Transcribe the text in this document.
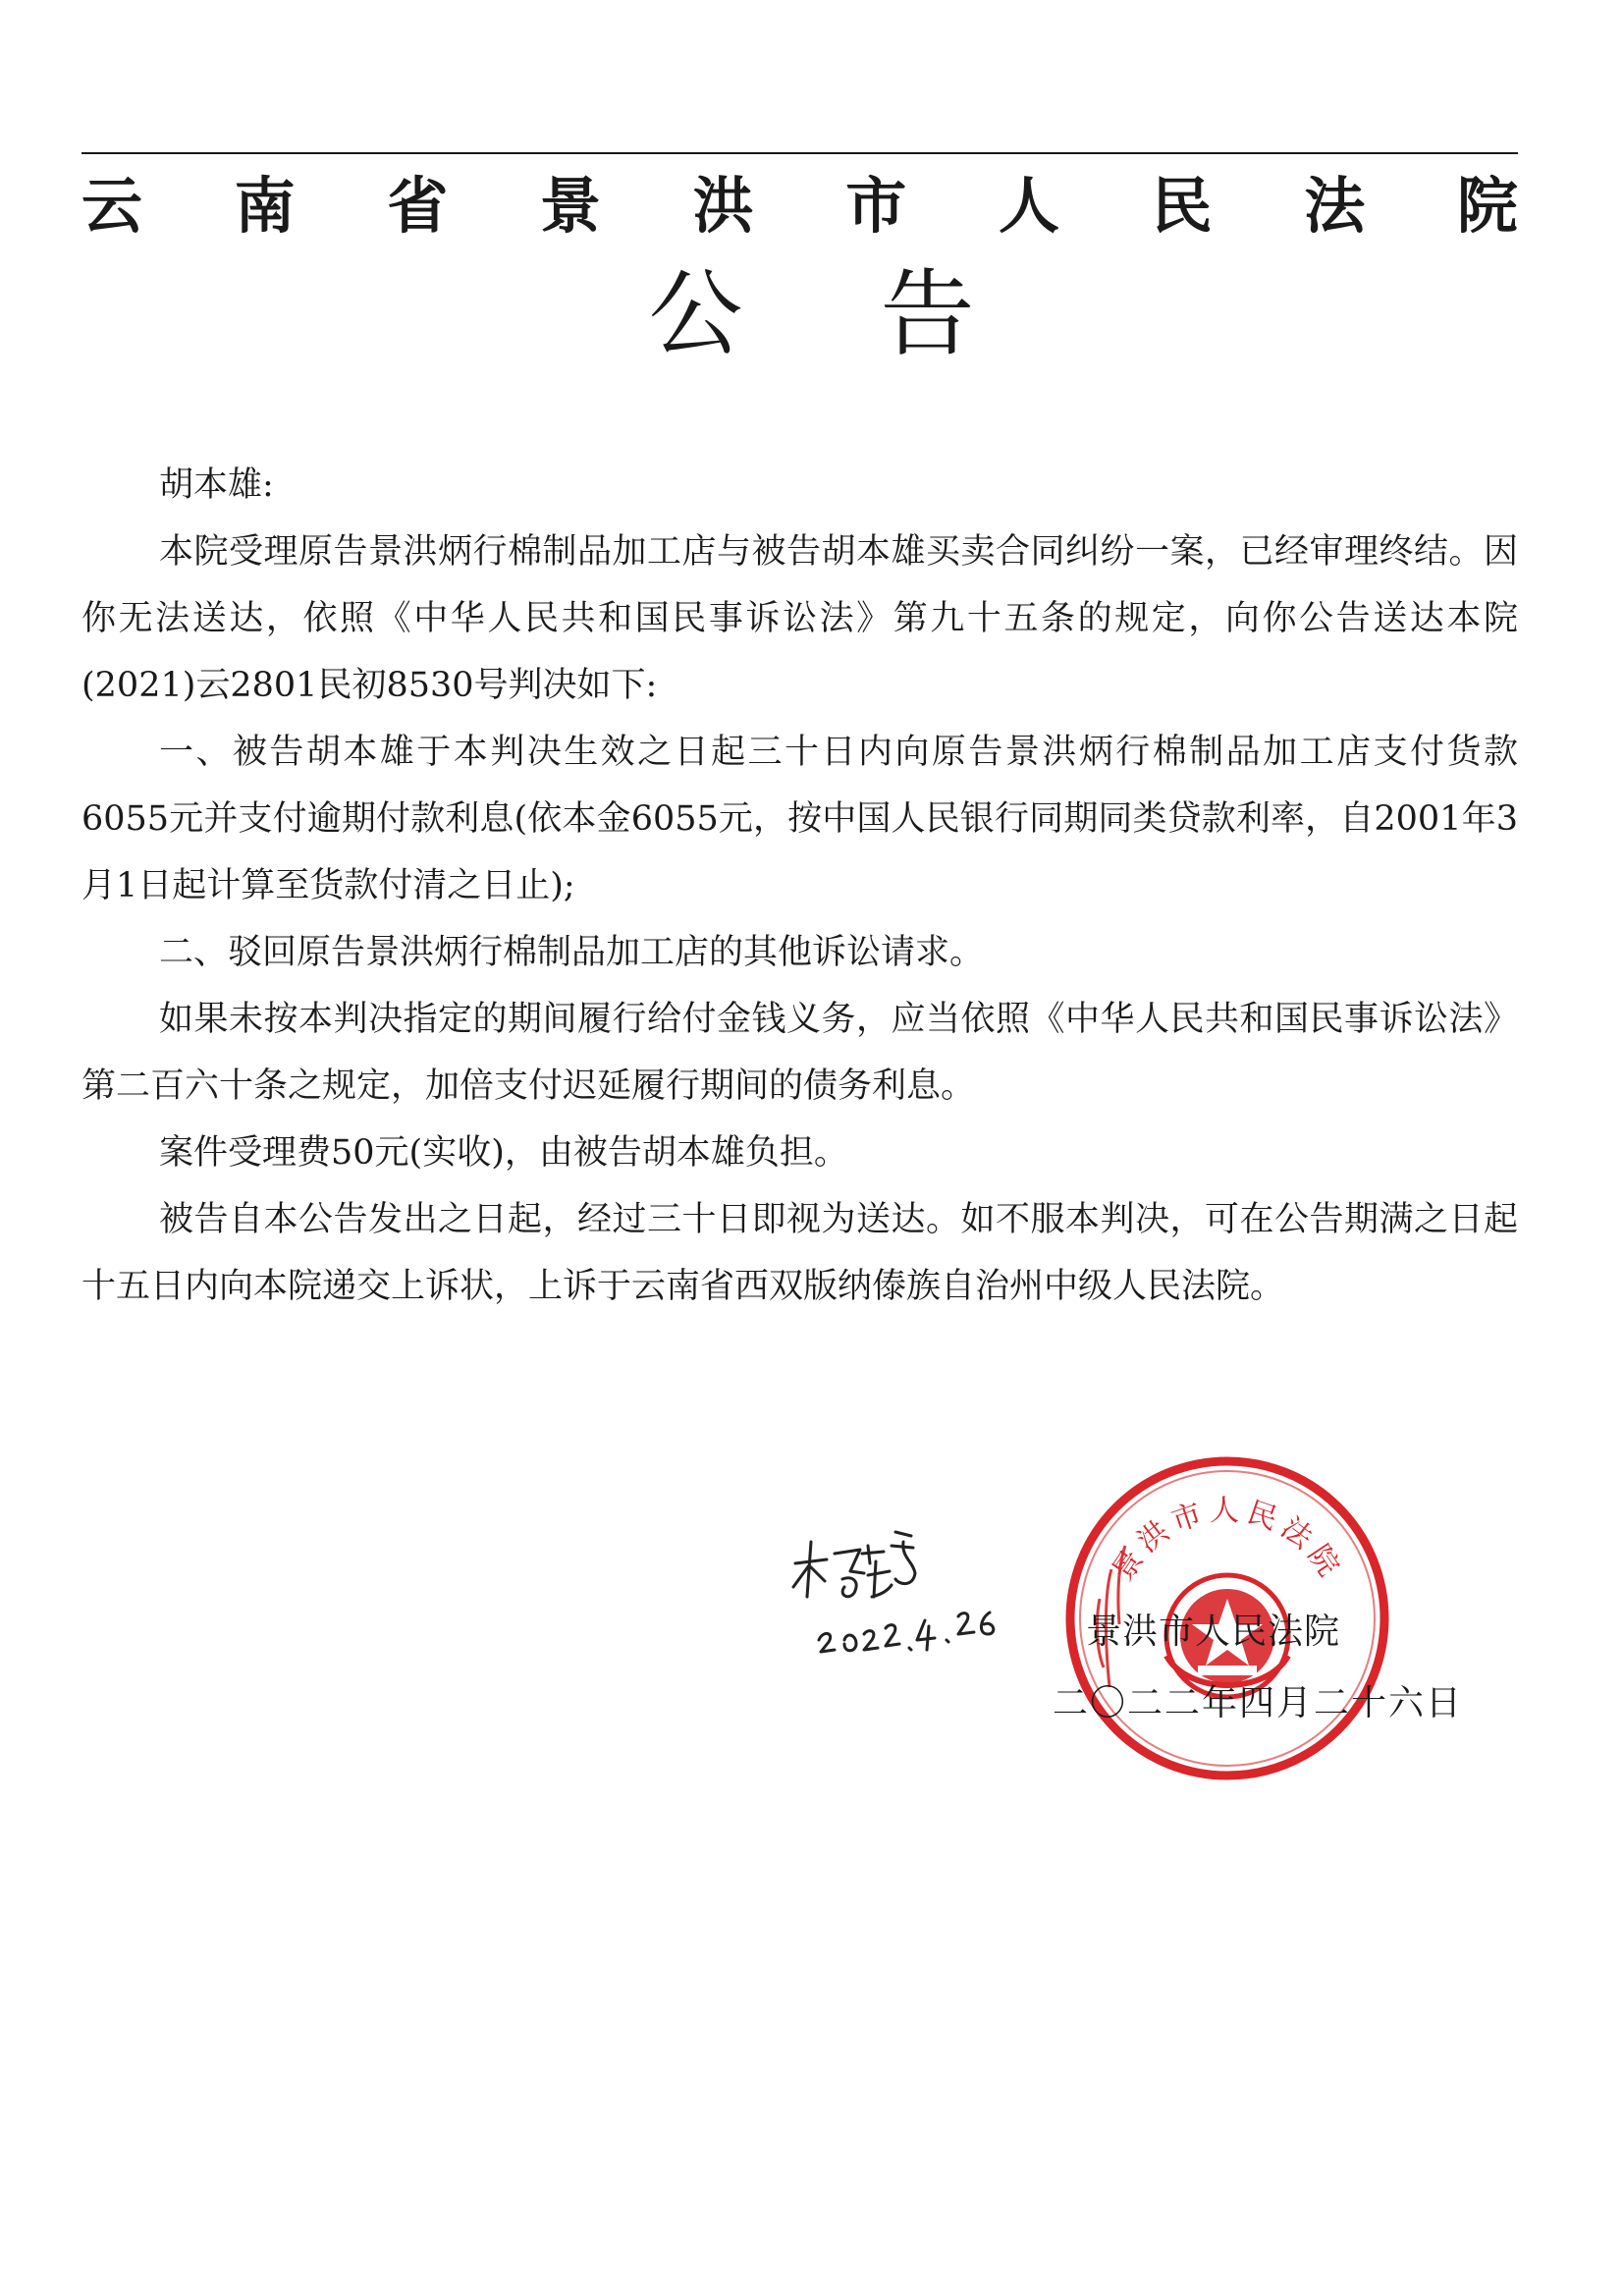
云 南 省 景 洪 市 人 民 法 院
公告

胡本雄:

本院受理原告景洪炳行棉制品加工店与被告胡本雄买卖合同纠纷一案，已经审理终结。因你无法送达，依照《中华人民共和国民事诉讼法》第九十五条的规定，向你公告送达本院(2021)云2801民初8530号判决如下:

一、被告胡本雄于本判决生效之日起三十日内向原告景洪炳行棉制品加工店支付货款6055元并支付逾期付款利息(依本金6055元，按中国人民银行同期同类贷款利率，自2001年3月1日起计算至货款付清之日止);

二、驳回原告景洪炳行棉制品加工店的其他诉讼请求。

如果未按本判决指定的期间履行给付金钱义务，应当依照《中华人民共和国民事诉讼法》第二百六十条之规定，加倍支付迟延履行期间的债务利息。

案件受理费50元(实收)，由被告胡本雄负担。

被告自本公告发出之日起，经过三十日即视为送达。如不服本判决，可在公告期满之日起十五日内向本院递交上诉状，上诉于云南省西双版纳傣族自治州中级人民法院。

景洪市人民法院
景洪市人民法院
二〇二二年四月二十六日
